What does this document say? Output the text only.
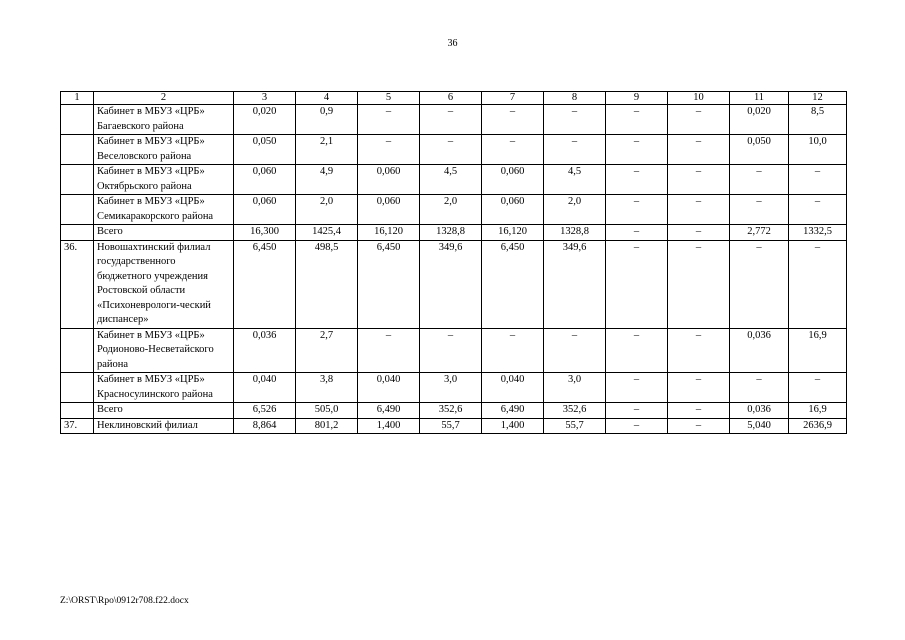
36
1	2	3	4	5	6	7	8	9	10	11	12
	Кабинет в МБУЗ «ЦРБ» Багаевского района	0,020	0,9	–	–	–	–	–	–	0,020	8,5
	Кабинет в МБУЗ «ЦРБ» Веселовского района	0,050	2,1	–	–	–	–	–	–	0,050	10,0
	Кабинет в МБУЗ «ЦРБ» Октябрьского района	0,060	4,9	0,060	4,5	0,060	4,5	–	–	–	–
	Кабинет в МБУЗ «ЦРБ» Семикаракорского района	0,060	2,0	0,060	2,0	0,060	2,0	–	–	–	–
	Всего	16,300	1425,4	16,120	1328,8	16,120	1328,8	–	–	2,772	1332,5
36.	Новошахтинский филиал государственного бюджетного учреждения Ростовской области «Психоневрологи-ческий диспансер»	6,450	498,5	6,450	349,6	6,450	349,6	–	–	–	–
	Кабинет в МБУЗ «ЦРБ» Родионово-Несветайского района	0,036	2,7	–	–	–	–	–	–	0,036	16,9
	Кабинет в МБУЗ «ЦРБ» Красносулинского района	0,040	3,8	0,040	3,0	0,040	3,0	–	–	–	–
	Всего	6,526	505,0	6,490	352,6	6,490	352,6	–	–	0,036	16,9
37.	Неклиновский филиал	8,864	801,2	1,400	55,7	1,400	55,7	–	–	5,040	2636,9
Z:\ORST\Rpo\0912r708.f22.docx
